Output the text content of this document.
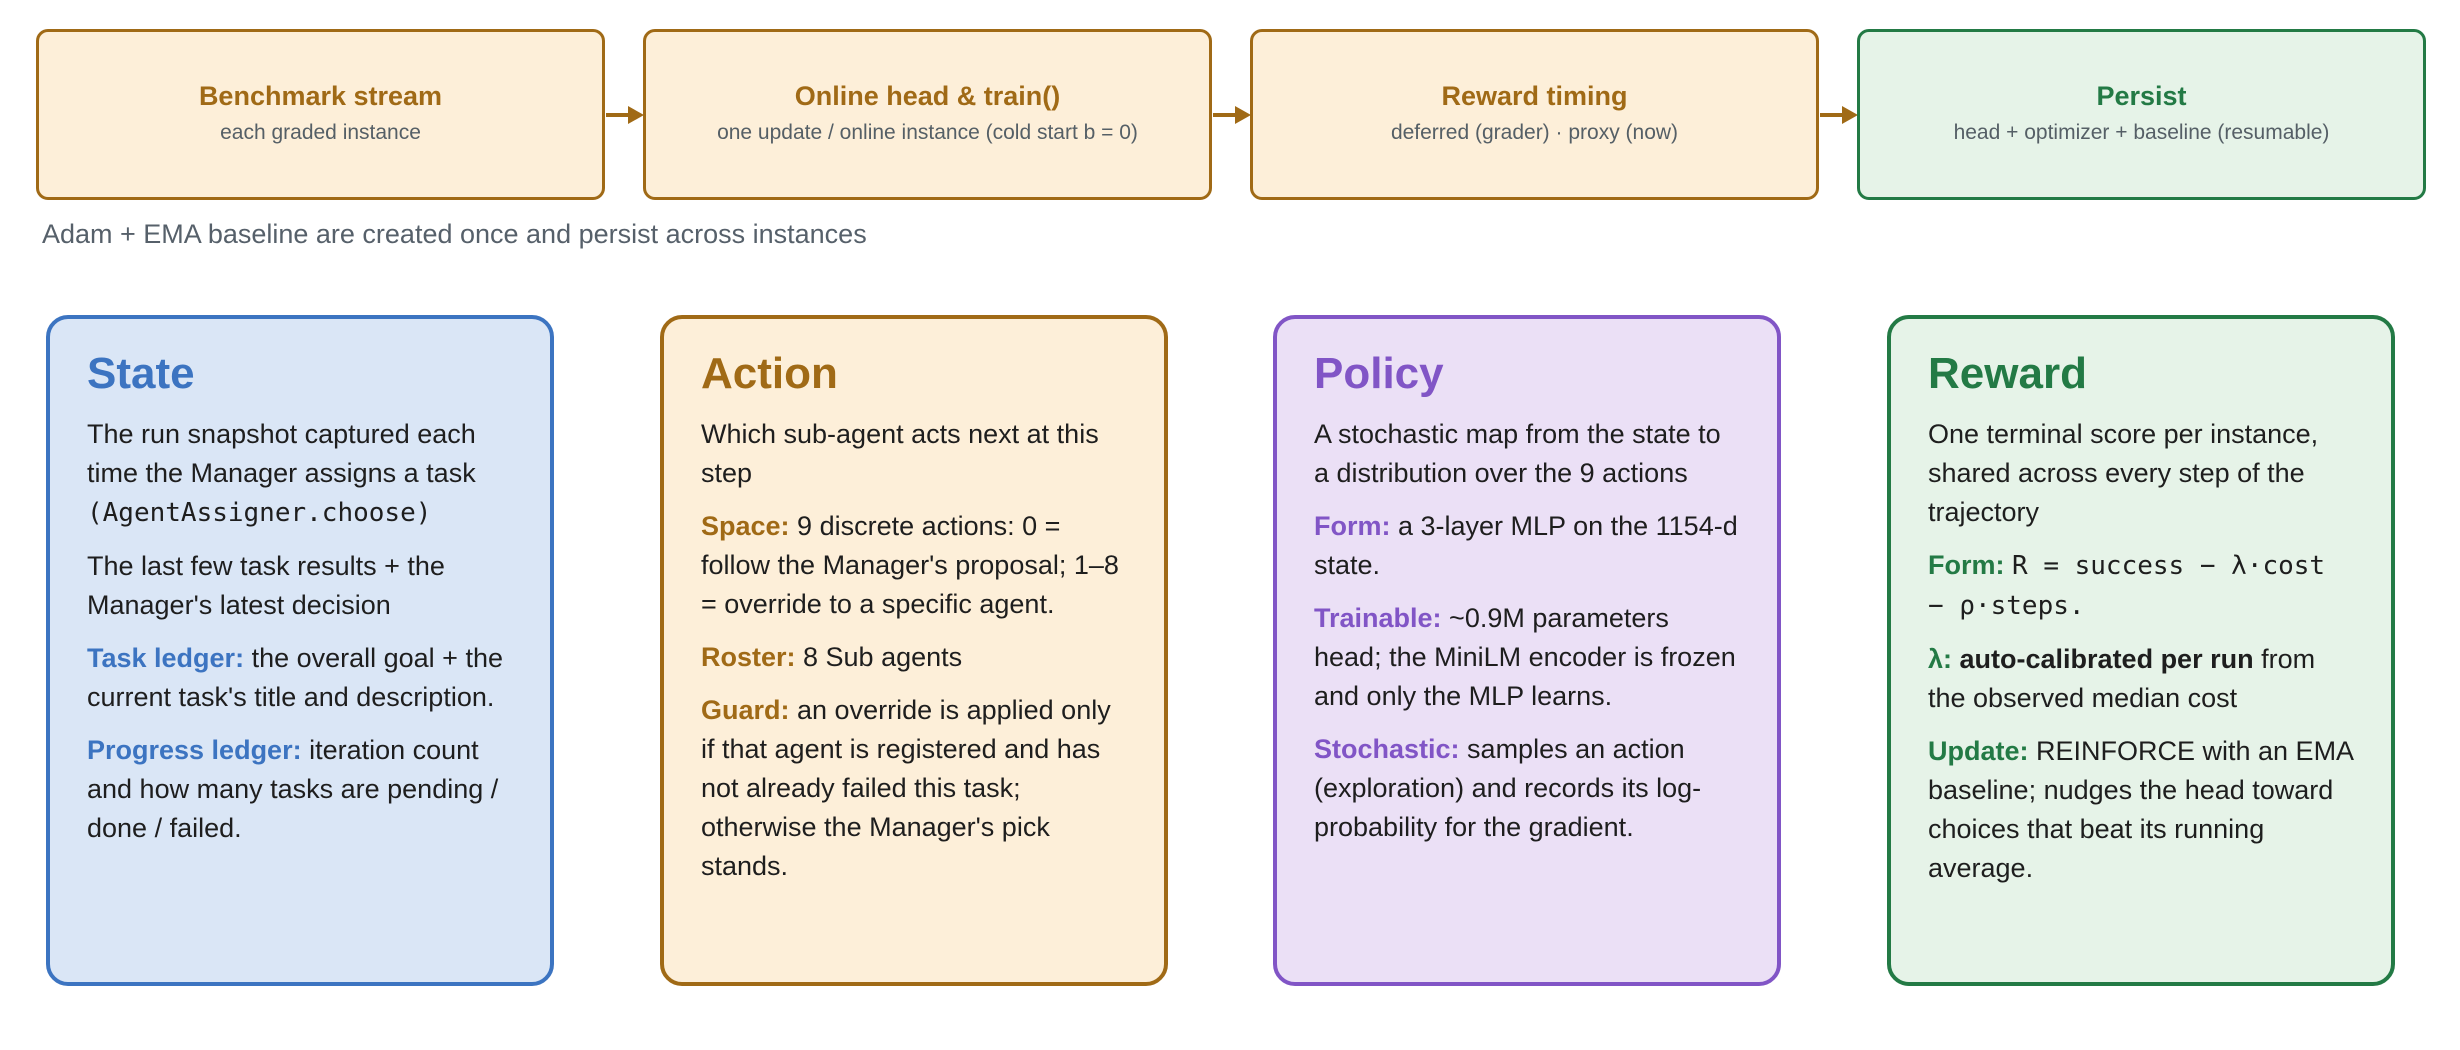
Benchmark stream
each graded instance
Online head & train()
one update / online instance (cold start b = 0)
Reward timing
deferred (grader) · proxy (now)
Persist
head + optimizer + baseline (resumable)
Adam + EMA baseline are created once and persist across instances
State
The run snapshot captured each time the Manager assigns a task (AgentAssigner.choose)
The last few task results + the Manager's latest decision
Task ledger: the overall goal + the current task's title and description.
Progress ledger: iteration count and how many tasks are pending / done / failed.
Action
Which sub-agent acts next at this step
Space: 9 discrete actions: 0 = follow the Manager's proposal; 1–8 = override to a specific agent.
Roster: 8 Sub agents
Guard: an override is applied only if that agent is registered and has not already failed this task; otherwise the Manager's pick stands.
Policy
A stochastic map from the state to a distribution over the 9 actions
Form: a 3-layer MLP on the 1154-d state.
Trainable: ~0.9M parameters head; the MiniLM encoder is frozen and only the MLP learns.
Stochastic: samples an action (exploration) and records its log-probability for the gradient.
Reward
One terminal score per instance, shared across every step of the trajectory
Form: R = success − λ·cost − ρ·steps.
λ: auto-calibrated per run from the observed median cost
Update: REINFORCE with an EMA baseline; nudges the head toward choices that beat its running average.
